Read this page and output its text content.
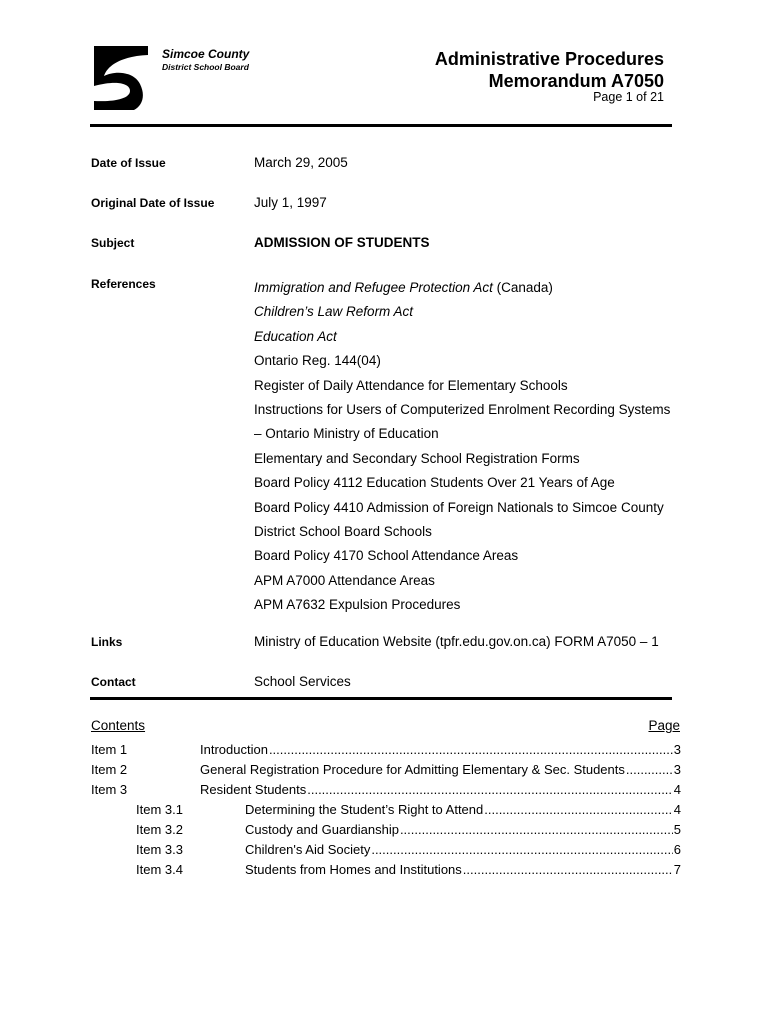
Simcoe County
District School Board	Administrative Procedures
Memorandum A7050
Page 1 of 21
Date of Issue	March 29, 2005
Original Date of Issue	July 1, 1997
Subject	ADMISSION OF STUDENTS
References	Immigration and Refugee Protection Act (Canada)
Children’s Law Reform Act
Education Act
Ontario Reg. 144(04)
Register of Daily Attendance for Elementary Schools
Instructions for Users of Computerized Enrolment Recording Systems
– Ontario Ministry of Education
Elementary and Secondary School Registration Forms
Board Policy 4112 Education Students Over 21 Years of Age
Board Policy 4410 Admission of Foreign Nationals to Simcoe County
District School Board Schools
Board Policy 4170 School Attendance Areas
APM A7000 Attendance Areas
APM A7632 Expulsion Procedures
Links	Ministry of Education Website (tpfr.edu.gov.on.ca) FORM A7050 – 1
Contact	School Services
Contents	Page
Item 1	Introduction .....	3
Item 2	General Registration Procedure for Admitting Elementary & Sec. Students .....	3
Item 3	Resident Students .....	4
Item 3.1	Determining the Student’s Right to Attend .....	4
Item 3.2	Custody and Guardianship .....	5
Item 3.3	Children's Aid Society .....	6
Item 3.4	Students from Homes and Institutions .....	7
